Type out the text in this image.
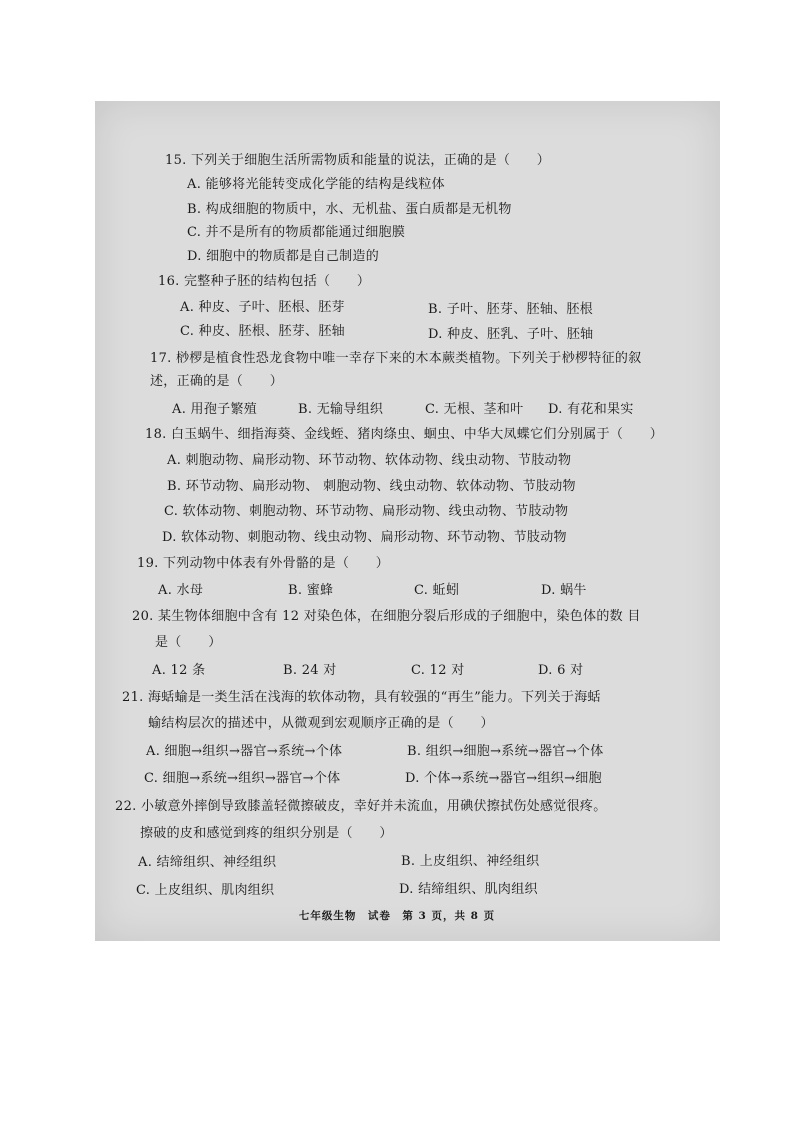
15. 下列关于细胞生活所需物质和能量的说法，正确的是（　　）
A. 能够将光能转变成化学能的结构是线粒体
B. 构成细胞的物质中，水、无机盐、蛋白质都是无机物
C. 并不是所有的物质都能通过细胞膜
D. 细胞中的物质都是自己制造的
16. 完整种子胚的结构包括（　　）
A. 种皮、子叶、胚根、胚芽	B. 子叶、胚芽、胚轴、胚根
C. 种皮、胚根、胚芽、胚轴	D. 种皮、胚乳、子叶、胚轴
17. 桫椤是植食性恐龙食物中唯一幸存下来的木本蕨类植物。下列关于桫椤特征的叙
述，正确的是（　　）
A. 用孢子繁殖	B. 无输导组织	C. 无根、茎和叶 D. 有花和果实
18. 白玉蜗牛、细指海葵、金线蛭、猪肉绦虫、蛔虫、中华大凤蝶它们分别属于（　　）
A. 刺胞动物、扁形动物、环节动物、软体动物、线虫动物、节肢动物
B. 环节动物、扁形动物、 刺胞动物、线虫动物、软体动物、节肢动物
C. 软体动物、刺胞动物、环节动物、扁形动物、线虫动物、节肢动物
D. 软体动物、刺胞动物、线虫动物、扁形动物、环节动物、节肢动物
19. 下列动物中体表有外骨骼的是（　　）
A. 水母	B. 蜜蜂	C. 蚯蚓	D. 蜗牛
20. 某生物体细胞中含有 12 对染色体，在细胞分裂后形成的子细胞中，染色体的数 目
是（　　）
A. 12 条	B. 24 对	C. 12 对	D. 6 对
21. 海蛞蝓是一类生活在浅海的软体动物，具有较强的“再生”能力。下列关于海蛞
蝓结构层次的描述中，从微观到宏观顺序正确的是（　　）
A. 细胞→组织→器官→系统→个体	B. 组织→细胞→系统→器官→个体
C. 细胞→系统→组织→器官→个体	D. 个体→系统→器官→组织→细胞
22. 小敏意外摔倒导致膝盖轻微擦破皮，幸好并未流血，用碘伏擦拭伤处感觉很疼。
擦破的皮和感觉到疼的组织分别是（　　）
A. 结缔组织、神经组织	B. 上皮组织、神经组织
C. 上皮组织、肌肉组织	D. 结缔组织、肌肉组织
七年级生物　试卷　第 3 页，共 8 页
